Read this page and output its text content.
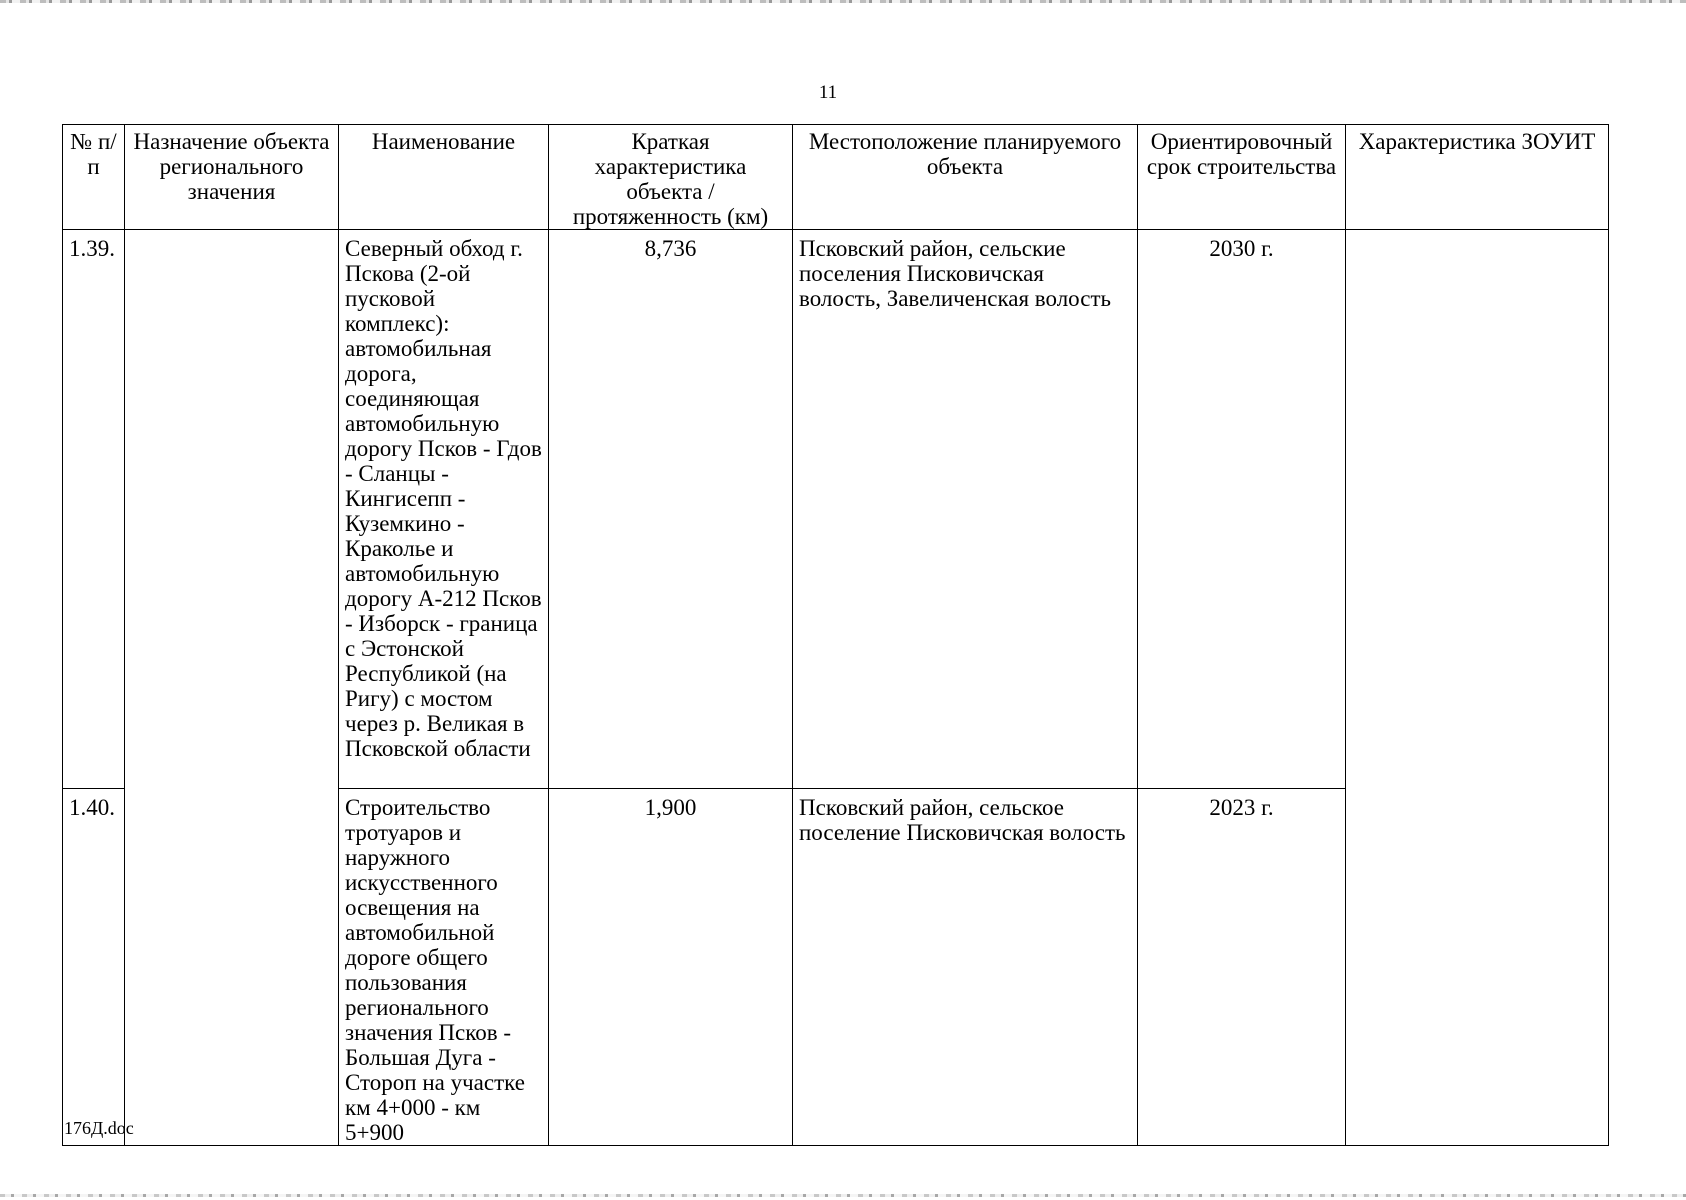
11
№ п/п	Назначение объекта регионального значения	Наименование	Краткая характеристика объекта / протяженность (км)	Местоположение планируемого объекта	Ориентировочный срок строительства	Характеристика ЗОУИТ
1.39.		Северный обход г. Пскова (2-ой пусковой комплекс): автомобильная дорога, соединяющая автомобильную дорогу Псков - Гдов - Сланцы - Кингисепп - Куземкино - Краколье и автомобильную дорогу А-212 Псков - Изборск - граница с Эстонской Республикой (на Ригу) с мостом через р. Великая в Псковской области	8,736	Псковский район, сельские поселения Писковичская волость, Завеличенская волость	2030 г.	
1.40.		Строительство тротуаров и наружного искусственного освещения на автомобильной дороге общего пользования регионального значения Псков - Большая Дуга - Стороп на участке км 4+000 - км 5+900	1,900	Псковский район, сельское поселение Писковичская волость	2023 г.	
176Д.doc
